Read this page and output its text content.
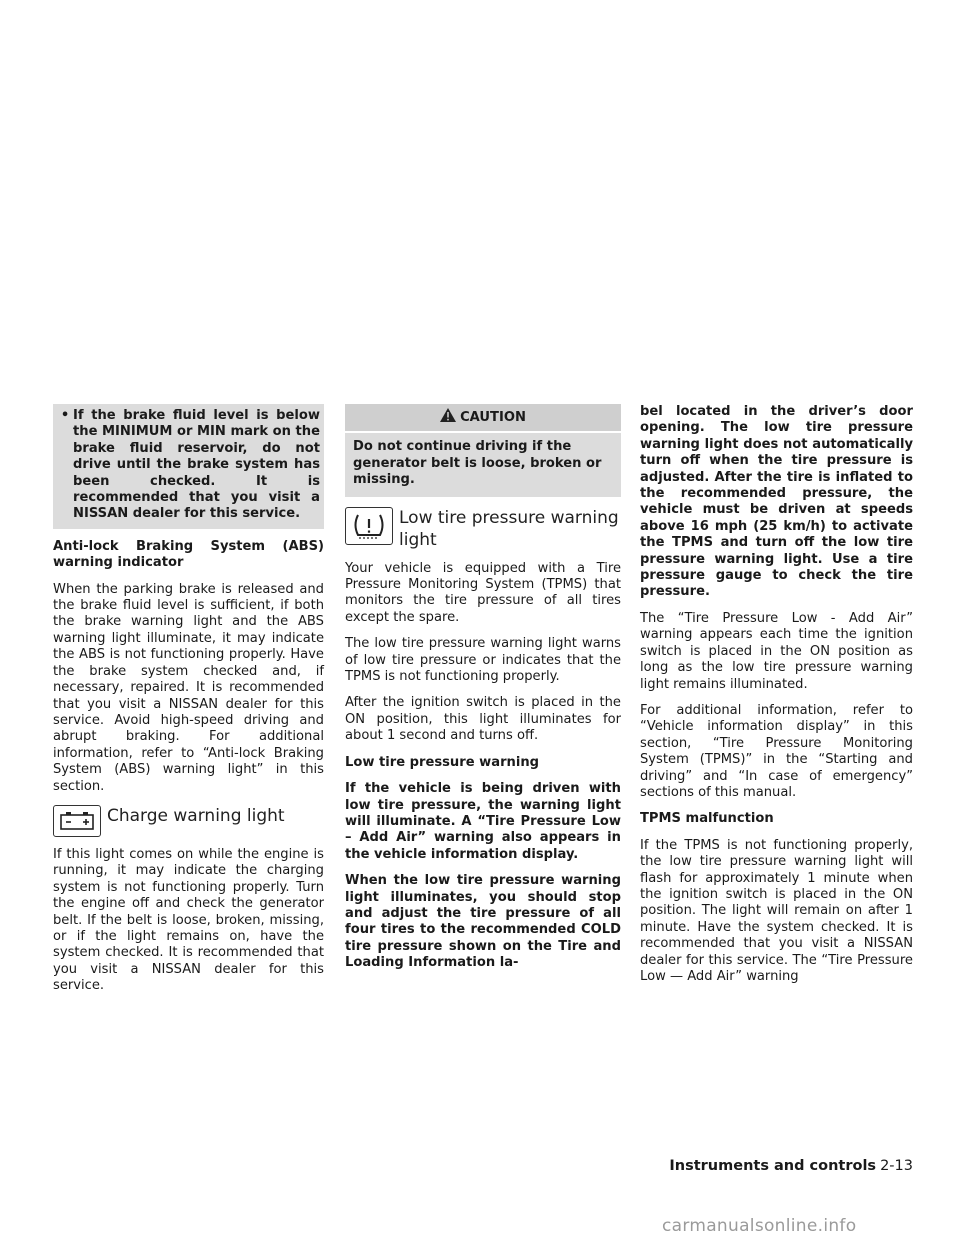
• If the brake fluid level is below the MINIMUM or MIN mark on the brake fluid reservoir, do not drive until the brake system has been checked. It is recommended that you visit a NISSAN dealer for this service.

Anti-lock Braking System (ABS) warning indicator

When the parking brake is released and the brake fluid level is sufficient, if both the brake warning light and the ABS warning light illuminate, it may indicate the ABS is not functioning properly. Have the brake system checked and, if necessary, repaired. It is recommended that you visit a NISSAN dealer for this service. Avoid high-speed driving and abrupt braking. For additional information, refer to “Anti-lock Braking System (ABS) warning light” in this section.

Charge warning light

If this light comes on while the engine is running, it may indicate the charging system is not functioning properly. Turn the engine off and check the generator belt. If the belt is loose, broken, missing, or if the light remains on, have the system checked. It is recommended that you visit a NISSAN dealer for this service.

CAUTION
Do not continue driving if the generator belt is loose, broken or missing.
Low tire pressure warning light

Your vehicle is equipped with a Tire Pressure Monitoring System (TPMS) that monitors the tire pressure of all tires except the spare.

The low tire pressure warning light warns of low tire pressure or indicates that the TPMS is not functioning properly.

After the ignition switch is placed in the ON position, this light illuminates for about 1 second and turns off.

Low tire pressure warning

If the vehicle is being driven with low tire pressure, the warning light will illuminate. A “Tire Pressure Low – Add Air” warning also appears in the vehicle information display.

When the low tire pressure warning light illuminates, you should stop and adjust the tire pressure of all four tires to the recommended COLD tire pressure shown on the Tire and Loading Information la-

bel located in the driver’s door opening. The low tire pressure warning light does not automatically turn off when the tire pressure is adjusted. After the tire is inflated to the recommended pressure, the vehicle must be driven at speeds above 16 mph (25 km/h) to activate the TPMS and turn off the low tire pressure warning light. Use a tire pressure gauge to check the tire pressure.

The “Tire Pressure Low - Add Air” warning appears each time the ignition switch is placed in the ON position as long as the low tire pressure warning light remains illuminated.

For additional information, refer to “Vehicle information display” in this section, “Tire Pressure Monitoring System (TPMS)” in the “Starting and driving” and “In case of emergency” sections of this manual.

TPMS malfunction

If the TPMS is not functioning properly, the low tire pressure warning light will flash for approximately 1 minute when the ignition switch is placed in the ON position. The light will remain on after 1 minute. Have the system checked. It is recommended that you visit a NISSAN dealer for this service. The “Tire Pressure Low — Add Air” warning

Instruments and controls 2-13
carmanualsonline.info
